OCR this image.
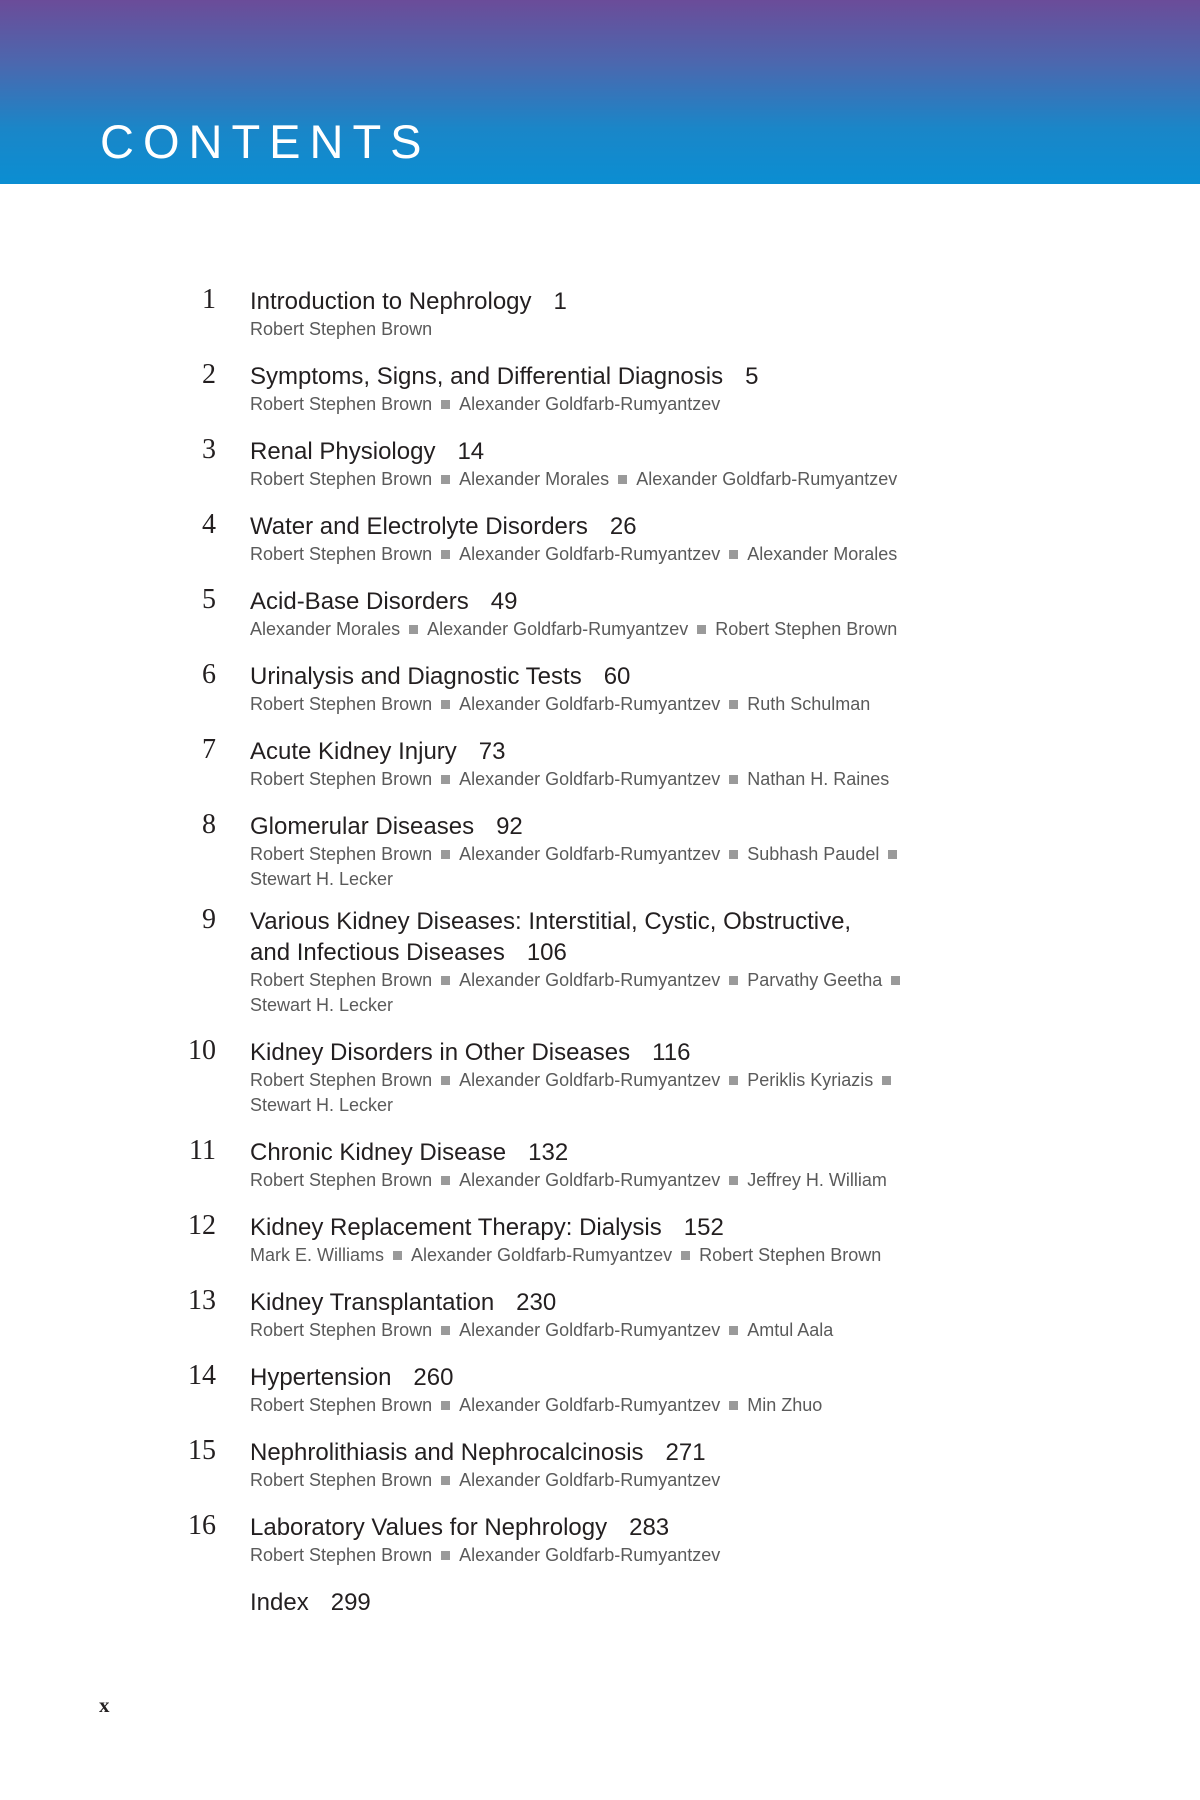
CONTENTS
1 Introduction to Nephrology 1
Robert Stephen Brown
2 Symptoms, Signs, and Differential Diagnosis 5
Robert Stephen Brown Alexander Goldfarb-Rumyantzev
3 Renal Physiology 14
Robert Stephen Brown Alexander Morales Alexander Goldfarb-Rumyantzev
4 Water and Electrolyte Disorders 26
Robert Stephen Brown Alexander Goldfarb-Rumyantzev Alexander Morales
5 Acid-Base Disorders 49
Alexander Morales Alexander Goldfarb-Rumyantzev Robert Stephen Brown
6 Urinalysis and Diagnostic Tests 60
Robert Stephen Brown Alexander Goldfarb-Rumyantzev Ruth Schulman
7 Acute Kidney Injury 73
Robert Stephen Brown Alexander Goldfarb-Rumyantzev Nathan H. Raines
8 Glomerular Diseases 92
Robert Stephen Brown Alexander Goldfarb-Rumyantzev Subhash Paudel
Stewart H. Lecker
9 Various Kidney Diseases: Interstitial, Cystic, Obstructive,
and Infectious Diseases 106
Robert Stephen Brown Alexander Goldfarb-Rumyantzev Parvathy Geetha
Stewart H. Lecker
10 Kidney Disorders in Other Diseases 116
Robert Stephen Brown Alexander Goldfarb-Rumyantzev Periklis Kyriazis
Stewart H. Lecker
11 Chronic Kidney Disease 132
Robert Stephen Brown Alexander Goldfarb-Rumyantzev Jeffrey H. William
12 Kidney Replacement Therapy: Dialysis 152
Mark E. Williams Alexander Goldfarb-Rumyantzev Robert Stephen Brown
13 Kidney Transplantation 230
Robert Stephen Brown Alexander Goldfarb-Rumyantzev Amtul Aala
14 Hypertension 260
Robert Stephen Brown Alexander Goldfarb-Rumyantzev Min Zhuo
15 Nephrolithiasis and Nephrocalcinosis 271
Robert Stephen Brown Alexander Goldfarb-Rumyantzev
16 Laboratory Values for Nephrology 283
Robert Stephen Brown Alexander Goldfarb-Rumyantzev
Index 299

x
